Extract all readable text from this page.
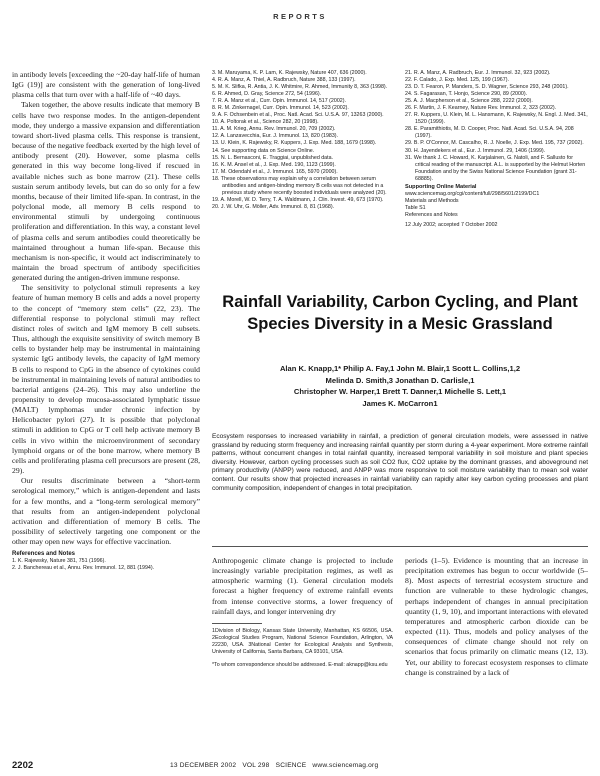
REPORTS

in antibody levels [exceeding the ~20-day half-life of human IgG (19)] are consistent with the generation of long-lived plasma cells that turn over with a half-life of ~40 days.

Taken together, the above results indicate that memory B cells have two response modes. In the antigen-dependent mode, they undergo a massive expansion and differentiation toward short-lived plasma cells. This response is transient, because of the negative feedback exerted by the high level of antibody present (20). However, some plasma cells generated in this way become long-lived if rescued in available niches such as bone marrow (21). These cells sustain serum antibody levels, but can do so only for a few months, because of their limited life-span. In contrast, in the polyclonal mode, all memory B cells respond to environmental stimuli by undergoing continuous proliferation and differentiation. In this way, a constant level of plasma cells and serum antibodies could theoretically be maintained throughout a human life-span. Because this mechanism is non-specific, it would act indiscriminately to maintain the broad spectrum of antibody specificities generated during the antigen-driven immune response.

The sensitivity to polyclonal stimuli represents a key feature of human memory B cells and adds a novel property to the concept of “memory stem cells” (22, 23). The differential response to polyclonal stimuli may reflect distinct roles of switch and IgM memory B cell subsets. Thus, although the exquisite sensitivity of switch memory B cells to bystander help may be instrumental in maintaining systemic IgG antibody levels, the capacity of IgM memory B cells to respond to CpG in the absence of cytokines could be instrumental in maintaining levels of natural antibodies to bacterial antigens (24–26). This may also underline the propensity to develop mucosa-associated lymphatic tissue (MALT) lymphomas under chronic infection by Helicobacter pylori (27). It is possible that polyclonal stimuli in addition to CpG or T cell help activate memory B cells in vivo within the microenvironment of secondary lymphoid organs or of the bone marrow, where memory B cells and proliferating plasma cell precursors are present (28, 29).

Our results discriminate between a “short-term serological memory,” which is antigen-dependent and lasts for a few months, and a “long-term serological memory” that results from an antigen-independent polyclonal activation and differentiation of memory B cells. The possibility of selectively targeting one component or the other may open new ways for effective vaccination.

References and Notes
1. K. Rajewsky, Nature 381, 751 (1996).
2. J. Banchereau et al., Annu. Rev. Immunol. 12, 881 (1994).
3. M. Maruyama, K. P. Lam, K. Rajewsky, Nature 407, 636 (2000).
4. R. A. Manz, A. Thiel, A. Radbruch, Nature 388, 133 (1997).
5. M. K. Slifka, R. Antia, J. K. Whitmire, R. Ahmed, Immunity 8, 363 (1998).
6. R. Ahmed, D. Gray, Science 272, 54 (1996).
7. R. A. Manz et al., Curr. Opin. Immunol. 14, 517 (2002).
8. R. M. Zinkernagel, Curr. Opin. Immunol. 14, 523 (2002).
9. A. F. Ochsenbein et al., Proc. Natl. Acad. Sci. U.S.A. 97, 13263 (2000).
10. A. Poltorak et al., Science 282, 20 (1998).
11. A. M. Krieg, Annu. Rev. Immunol. 20, 709 (2002).
12. A. Lanzavecchia, Eur. J. Immunol. 13, 820 (1983).
13. U. Klein, K. Rajewsky, R. Kuppers, J. Exp. Med. 188, 1679 (1998).
14. See supporting data on Science Online.
15. N. L. Bernasconi, E. Traggiai, unpublished data.
16. K. M. Ansel et al., J. Exp. Med. 190, 1123 (1999).
17. M. Odendahl et al., J. Immunol. 165, 5970 (2000).
18. These observations may explain why a correlation between serum antibodies and antigen-binding memory B cells was not detected in a previous study where recently boosted individuals were analyzed (20).
19. A. Morell, W. D. Terry, T. A. Waldmann, J. Clin. Invest. 49, 673 (1970).
20. J. W. Uhr, G. Möller, Adv. Immunol. 8, 81 (1968).
21. R. A. Manz, A. Radbruch, Eur. J. Immunol. 32, 923 (2002).
22. F. Calado, J. Exp. Med. 125, 199 (1967).
23. D. T. Fearon, P. Manders, S. D. Wagner, Science 293, 248 (2001).
24. S. Fagarasan, T. Honjo, Science 290, 89 (2000).
25. A. J. Macpherson et al., Science 288, 2222 (2000).
26. F. Martin, J. F. Kearney, Nature Rev. Immunol. 2, 323 (2002).
27. R. Kuppers, U. Klein, M. L. Hansmann, K. Rajewsky, N. Engl. J. Med. 341, 1520 (1999).
28. E. Paramithiotis, M. D. Cooper, Proc. Natl. Acad. Sci. U.S.A. 94, 208 (1997).
29. B. P. O'Connor, M. Cascalho, R. J. Noelle, J. Exp. Med. 195, 737 (2002).
30. H. Jayendekers et al., Eur. J. Immunol. 29, 1406 (1999).
31. We thank J. C. Howard, K. Karjalainen, G. Natoli, and F. Sallusto for critical reading of the manuscript. A.L. is supported by the Helmut Horten Foundation and by the Swiss National Science Foundation (grant 31-68885).
Supporting Online Material
www.sciencemag.org/cgi/content/full/298/5601/2199/DC1
Materials and Methods
Table S1
References and Notes
12 July 2002; accepted 7 October 2002
Rainfall Variability, Carbon Cycling, and Plant Species Diversity in a Mesic Grassland
Alan K. Knapp,1* Philip A. Fay,1 John M. Blair,1 Scott L. Collins,1,2
Melinda D. Smith,3 Jonathan D. Carlisle,1
Christopher W. Harper,1 Brett T. Danner,1 Michelle S. Lett,1
James K. McCarron1

Ecosystem responses to increased variability in rainfall, a prediction of general circulation models, were assessed in native grassland by reducing storm frequency and increasing rainfall quantity per storm during a 4-year experiment. More extreme rainfall patterns, without concurrent changes in total rainfall quantity, increased temporal variability in soil moisture and plant species diversity. However, carbon cycling processes such as soil CO2 flux, CO2 uptake by the dominant grasses, and aboveground net primary productivity (ANPP) were reduced, and ANPP was more responsive to soil moisture variability than to mean soil water content. Our results show that projected increases in rainfall variability can rapidly alter key carbon cycling processes and plant community composition, independent of changes in total precipitation.

Anthropogenic climate change is projected to include increasingly variable precipitation regimes, as well as atmospheric warming (1). General circulation models forecast a higher frequency of extreme rainfall events from intense convective storms, a lower frequency of rainfall days, and longer intervening dry

1Division of Biology, Kansas State University, Manhattan, KS 66506, USA. 2Ecological Studies Program, National Science Foundation, Arlington, VA 22230, USA. 3National Center for Ecological Analysis and Synthesis, University of California, Santa Barbara, CA 93101, USA.

*To whom correspondence should be addressed. E-mail: aknapp@ksu.edu

periods (1–5). Evidence is mounting that an increase in precipitation extremes has begun to occur worldwide (5–8). Most aspects of terrestrial ecosystem structure and function are vulnerable to these hydrologic changes, perhaps independent of changes in annual precipitation quantity (1, 9, 10), and important interactions with elevated temperatures and atmospheric carbon dioxide can be expected (11). Thus, models and policy analyses of the consequences of climate change should not rely on scenarios that focus primarily on climatic means (12, 13). Yet, our ability to forecast ecosystem responses to climate change is constrained by a lack of

2202	13 DECEMBER 2002   VOL 298   SCIENCE   www.sciencemag.org
